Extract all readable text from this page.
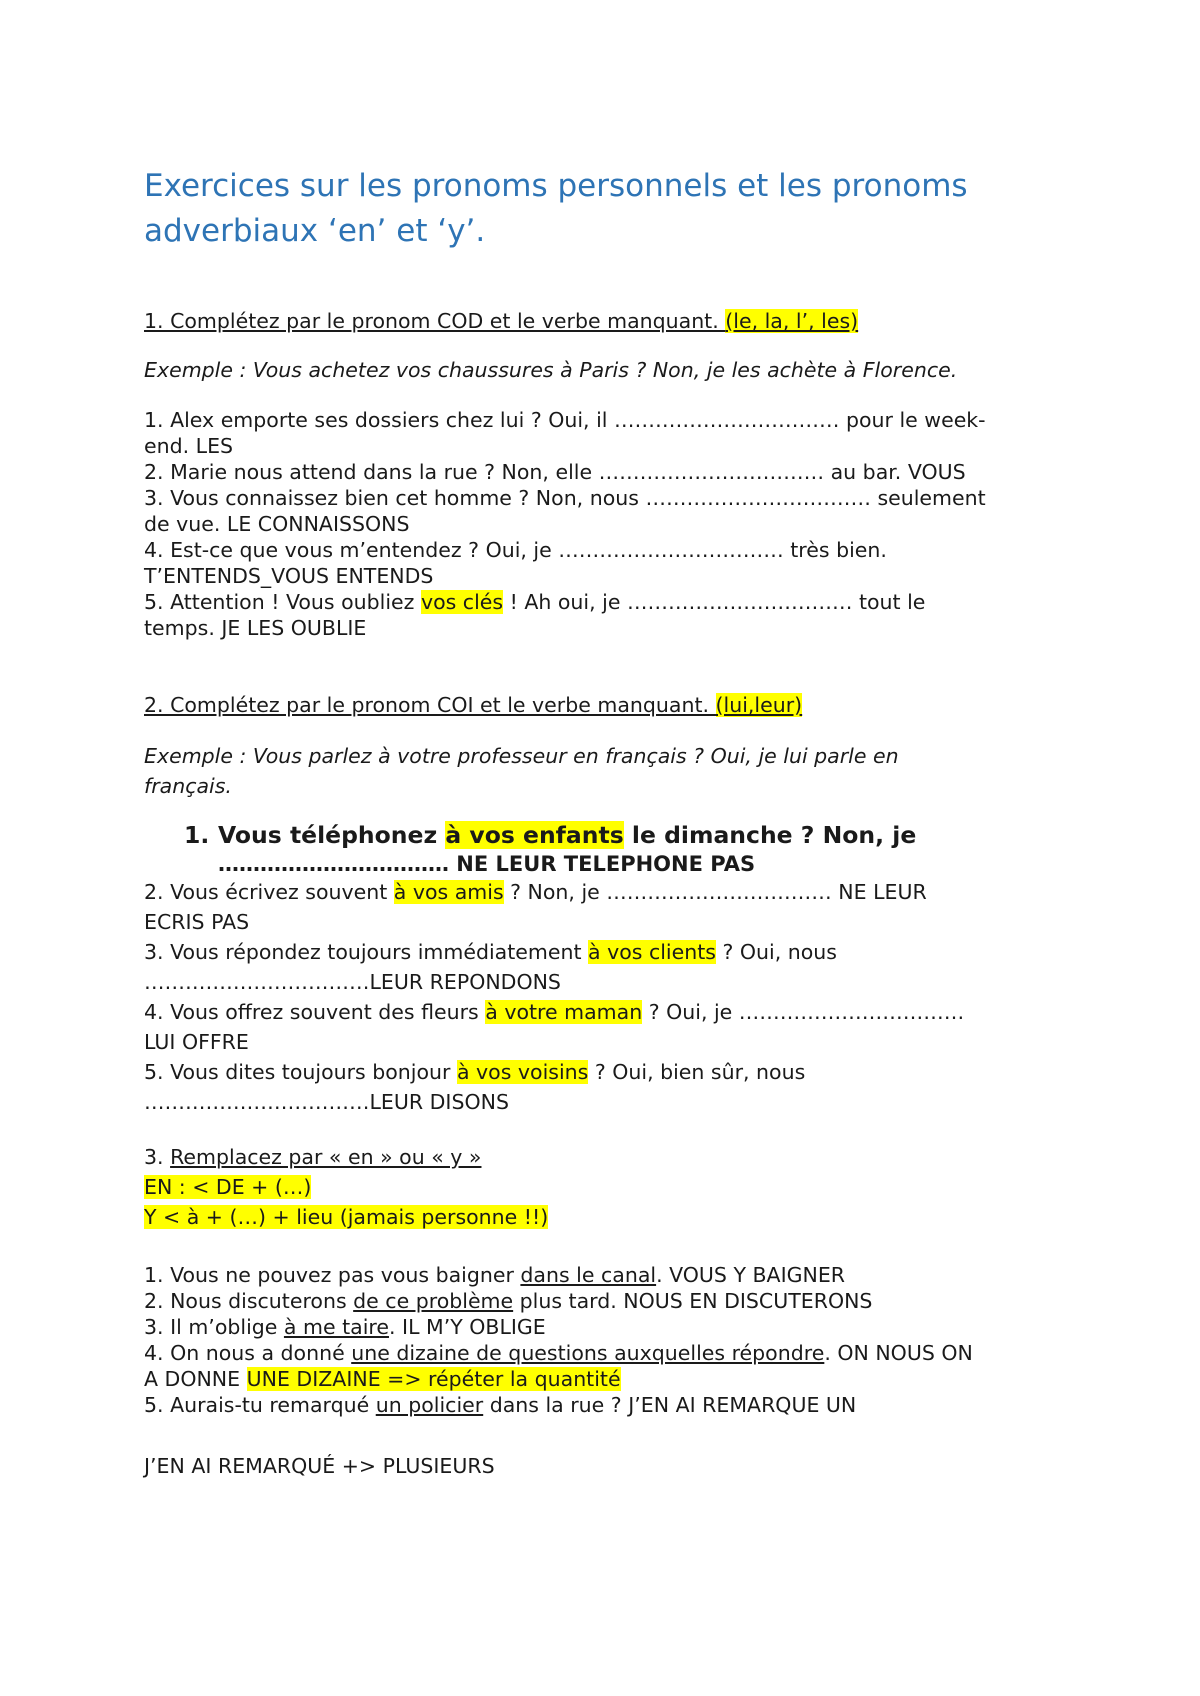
Exercices sur les pronoms personnels et les pronoms adverbiaux ‘en’ et ‘y’.
1. Complétez par le pronom COD et le verbe manquant. (le, la, l’, les)
Exemple : Vous achetez vos chaussures à Paris ? Non, je les achète à Florence.
1. Alex emporte ses dossiers chez lui ? Oui, il …………………………… pour le week-
end. LES
2. Marie nous attend dans la rue ? Non, elle …………………………… au bar. VOUS
3. Vous connaissez bien cet homme ? Non, nous …………………………… seulement
de vue. LE CONNAISSONS
4. Est-ce que vous m’entendez ? Oui, je …………………………… très bien.
T’ENTENDS_VOUS ENTENDS
5. Attention ! Vous oubliez vos clés ! Ah oui, je …………………………… tout le
temps. JE LES OUBLIE
2. Complétez par le pronom COI et le verbe manquant. (lui,leur)
Exemple : Vous parlez à votre professeur en français ? Oui, je lui parle en
français.
1. Vous téléphonez à vos enfants le dimanche ? Non, je
…………………………… NE LEUR TELEPHONE PAS
2. Vous écrivez souvent à vos amis ? Non, je …………………………… NE LEUR
ECRIS PAS
3. Vous répondez toujours immédiatement à vos clients ? Oui, nous
……………………………LEUR REPONDONS
4. Vous offrez souvent des fleurs à votre maman ? Oui, je ……………………………
LUI OFFRE
5. Vous dites toujours bonjour à vos voisins ? Oui, bien sûr, nous
……………………………LEUR DISONS
3. Remplacez par « en » ou « y »
EN : < DE + (…)
Y < à + (…) + lieu (jamais personne !!)
1. Vous ne pouvez pas vous baigner dans le canal. VOUS Y BAIGNER
2. Nous discuterons de ce problème plus tard. NOUS EN DISCUTERONS
3. Il m’oblige à me taire. IL M’Y OBLIGE
4. On nous a donné une dizaine de questions auxquelles répondre. ON NOUS ON
A DONNE UNE DIZAINE => répéter la quantité
5. Aurais-tu remarqué un policier dans la rue ? J’EN AI REMARQUE UN
J’EN AI REMARQUÉ +> PLUSIEURS
